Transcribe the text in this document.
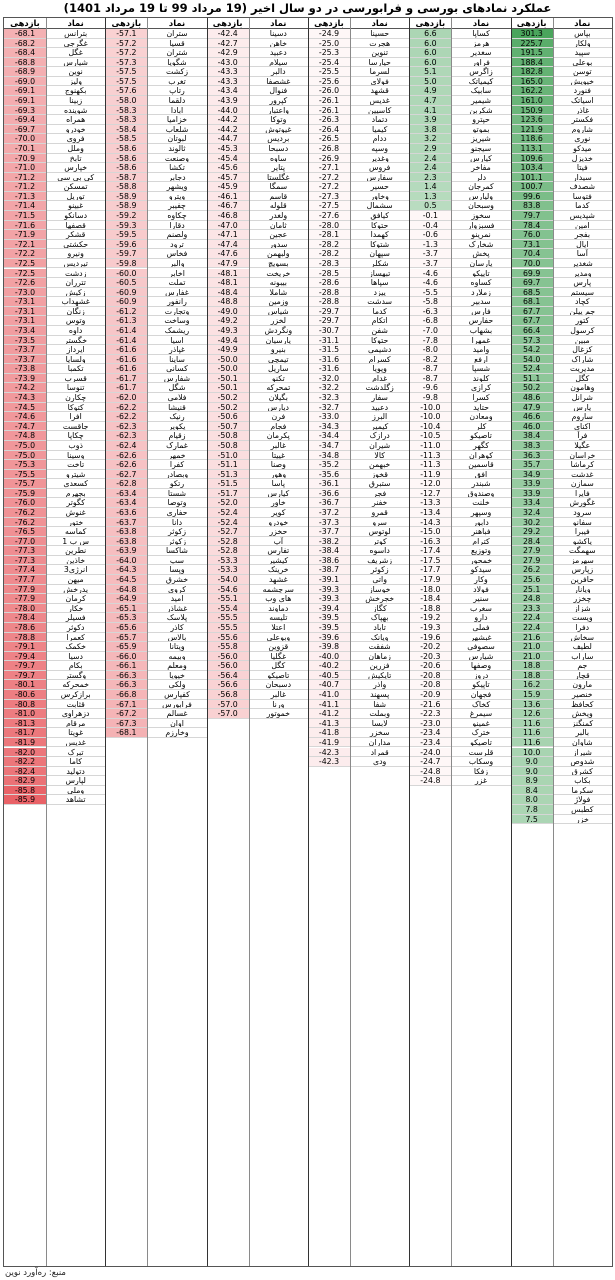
عملکرد نمادهای بورسی و فرابورسی در دو سال اخیر (19 مرداد 99 تا 19 مرداد 1401)
نماد
بپاس
ولکار
سپید
بوعلی
توسن
خپویش
فنورد
اسیاتک
غاذر
فکستر
شاروم
نوری
میدکو
خدیزل
فیتا
سیدار
شصدف
فتوسا
کدما
شپدیس
امین
بفجر
اپال
آسا
شغدیر
ومدیر
پارس
سیستم
کچاد
جم پیلن
کتور
کرسول
مبین
کزغال
شاراک
مدیریت
کگل
وهامون
شرانل
پارس
ساروم
اکنای
فرآ
عگیلا
خراسان
کرماشا
غدشت
سمازن
فایرا
غگورش
سرود
سفانو
فیبرا
پاکشو
سهمگت
سهرمز
زپارس
حافرین
وپانار
چخزر
شزاز
ویست
دفرا
سخاش
لطیف
ساراب
جم
قچار
مارون
خنصیر
کحافظ
ویخش
کمنگنز
بالبر
شاوان
شیراز
شدوص
کشرق
بکاب
سکرما
فولاژ
کطبس
خزر
بازدهی
301.3
225.7
191.5
188.4
182.8
165.0
162.2
161.0
150.9
123.6
121.9
118.6
113.1
109.6
103.4
101.1
100.7
99.6
83.8
79.7
78.4
76.0
73.1
70.4
70.0
69.9
69.7
68.5
68.1
67.7
67.7
66.4
57.3
54.2
54.0
52.4
51.1
50.2
48.6
47.9
46.6
46.0
38.4
38.3
36.3
35.7
34.9
33.9
33.9
33.4
32.4
30.2
29.2
28.4
27.9
27.9
26.2
25.6
25.1
24.8
23.3
22.4
22.4
21.6
21.0
21.0
18.8
18.8
16.2
15.9
13.6
12.6
11.6
11.6
11.6
10.0
9.0
9.0
8.9
8.4
8.0
7.8
7.5
نماد
کساپا
هرمز
سغدیر
فراور
زاگرس
کیمیاتک
سابیک
شیمیر
شکربن
حپترو
بموتو
شیریز
سیجنو
کپارس
مفاخر
دلر
کمرجان
ولپارس
وسبحان
سخوز
فسبزوار
نمرینو
شخارک
پخش
پارسان
تاپیکو
کساوه
زملارد
سدبیر
فارس
حفارس
بشهاب
غمهرا
وامید
ارفع
شسپا
کلوند
کرازی
کسرا
حتاید
ومعادن
کلر
تاصیکو
کگهر
کوهران
قاسمین
افق
شبندر
وصندوق
خلنت
وسپهر
دابور
فباهنر
کترام
وتوزیع
خمحور
سیدکو
وکار
فولاد
سنیر
سغرب
دارو
فملی
غبشهر
سصوفی
شپارس
وصفها
دروز
تاپیکو
فجهان
کخاک
سیمرغ
غمینو
خترک
تاصیکو
قلرست
وسکاب
زفکا
غزر
بازدهی
6.6
6.0
6.0
6.0
5.1
5.0
4.9
4.7
4.1
3.9
3.8
3.2
2.9
2.4
2.4
2.3
1.4
1.3
0.5
-0.1
-0.4
-0.6
-1.3
-3.7
-3.7
-4.6
-4.6
-5.5
-5.8
-6.3
-6.8
-7.0
-7.8
-8.0
-8.2
-8.7
-8.7
-9.6
-9.8
-10.0
-10.0
-10.4
-10.5
-11.0
-11.3
-11.3
-11.9
-12.0
-12.7
-13.3
-13.4
-14.3
-15.0
-16.3
-17.4
-17.5
-17.7
-17.9
-18.0
-18.4
-18.8
-19.2
-19.3
-19.6
-20.2
-20.3
-20.6
-20.8
-20.8
-20.9
-21.6
-22.3
-23.0
-23.4
-23.4
-24.0
-24.7
-24.8
-24.8
نماد
حسینا
هجرت
تنوین
حپارسا
لسرما
فولای
قشهد
غدیس
کاسپین
دتماد
کیمیا
ددام
وسپه
وغدیر
فروس
سفارس
حسیر
وخاور
سشمال
کیافق
حتوکا
کهمدا
شتوکا
سپهان
شکلر
تبهساز
سپاها
پیزد
سدشت
کدما
اتکام
شفن
حتوکا
دشیمی
کسرام
وپویا
غدام
زگلدشت
سفار
دعبید
البرز
کیمیر
درازک
شیران
کالا
خبهمن
قخوز
ستبرق
فجر
خفنر
قمرو
سرو
لوتوس
کوتر
داسوه
زشریف
زکوثر
واتی
خوساز
خجرخش
کگاز
بهپاک
تاباد
ویانک
شفقت
زماهان
فزرین
تاپکیش
واذر
پسهند
شفا
وبملت
لابسا
سخزر
مداران
قمراد
ودی
بازدهی
-24.9
-25.0
-25.3
-25.4
-25.5
-25.6
-26.0
-26.1
-26.1
-26.3
-26.4
-26.5
-26.8
-26.9
-27.1
-27.2
-27.2
-27.3
-27.5
-27.6
-28.0
-28.1
-28.2
-28.2
-28.3
-28.5
-28.6
-28.8
-28.8
-29.7
-29.7
-30.7
-31.1
-31.5
-31.6
-31.6
-32.0
-32.2
-32.3
-32.7
-33.0
-34.3
-34.4
-34.7
-34.8
-35.2
-35.6
-36.1
-36.6
-36.7
-37.2
-37.3
-37.7
-38.2
-38.4
-38.6
-38.7
-39.1
-39.3
-39.3
-39.4
-39.5
-39.5
-39.6
-39.8
-40.0
-40.2
-40.5
-40.7
-41.0
-41.1
-41.2
-41.3
-41.8
-41.9
-42.3
-42.3
نماد
دسینا
خاهن
دعبید
سیلام
دالبر
غشصفا
فنوال
کپرور
واعتبار
وتوکا
غیوتوش
بردیس
دسبحا
ساوه
پتایر
غگلستا
سمگا
قاسم
قلوله
ولغدر
ثامان
عجین
سدور
ولبهمن
بسویچ
خریخت
بیبونه
شاملا
وزمین
شپاس
لخزر
ونگردش
پارسیان
بنیرو
تیمچی
ساریل
تکنو
تمحرکه
بگیلان
دپارس
فرن
فجام
پکرمان
غالبر
غپیتا
وصنا
وهور
پاسا
کپارس
خاور
کویر
خودرو
حخزر
آپ
تفارس
کپشیر
خرینک
غشهد
سرچشمه
های وب
دماوند
تلیسه
اعتلا
وبوعلی
قزوین
غگلپا
کگل
تاصیکو
دسبحان
غالبر
ورنا
خموتور
بازدهی
-42.4
-42.7
-42.9
-43.0
-43.3
-43.3
-43.4
-43.9
-44.0
-44.2
-44.2
-44.7
-45.3
-45.4
-45.6
-45.7
-45.9
-46.1
-46.7
-46.8
-47.0
-47.1
-47.4
-47.6
-47.9
-48.1
-48.1
-48.4
-48.8
-49.0
-49.2
-49.3
-49.4
-49.9
-50.0
-50.0
-50.1
-50.1
-50.2
-50.2
-50.6
-50.7
-50.8
-50.8
-51.0
-51.1
-51.3
-51.5
-51.7
-52.0
-52.4
-52.4
-52.7
-52.8
-52.8
-53.3
-53.3
-54.0
-54.6
-55.1
-55.4
-55.5
-55.5
-55.6
-55.8
-56.0
-56.0
-56.4
-56.6
-56.8
-57.0
-57.0
نماد
ستران
قسیا
شتران
شگویا
زکشت
تغرب
رتاپ
دلقما
ابادا
خزامیا
شلعاب
لبوتان
ثالوند
وصنعت
تکشا
دجابر
ویشهر
ویترو
چفیبر
چکاوه
دقارا
ولصنم
ترود
فخاس
والبر
اخابر
تملت
غفارس
رانفور
وتجارت
وساخت
ریشمک
اسیا
غپاذر
ساینا
کسانی
شفارس
شگل
فلامی
قنیشا
رنیک
پکویر
زقیام
غمارک
خمهر
کفرا
وبصادر
رتکو
شستا
وتوصا
حفاری
دانا
زکوثر
زکوثر
شاکسا
سپ
وپسا
خشرق
کروی
امید
غشاذر
پلاسک
کاذر
بالاس
ویتانا
وبیمه
ومعلم
خپویا
ولکی
کفپارس
فرابورس
غسالم
اوان
وخارزم
بازدهی
-57.1
-57.2
-57.2
-57.3
-57.5
-57.5
-57.6
-58.0
-58.3
-58.3
-58.4
-58.5
-58.6
-58.6
-58.6
-58.7
-58.8
-58.9
-58.9
-59.2
-59.3
-59.5
-59.6
-59.7
-59.8
-60.0
-60.5
-60.9
-60.9
-61.2
-61.3
-61.4
-61.4
-61.6
-61.6
-61.6
-61.7
-61.7
-62.0
-62.2
-62.2
-62.3
-62.3
-62.4
-62.6
-62.6
-62.7
-62.8
-63.4
-63.4
-63.6
-63.7
-63.8
-63.8
-63.9
-64.0
-64.3
-64.5
-64.8
-64.9
-65.1
-65.3
-65.6
-65.7
-65.9
-66.0
-66.1
-66.3
-66.3
-66.8
-67.1
-67.2
-67.3
-68.1
نماد
بترانس
غگرجی
غگل
شپارس
نوین
ولیز
بکهنوج
زبینا
شوینده
همراه
خودرو
فروی
وملل
تابخ
خپارس
کی بی سی
تمسکن
توریل
غبینو
دسانکو
قصفها
قشکر
حکشتی
ونیرو
تپردیس
زدشت
تترران
زکیش
غشهداب
زنگان
وتوس
داوه
خگستر
ایرداز
ولساپا
تکمبا
قسرب
تنوسا
چکارن
کتوکا
افرا
جاقست
چکاپا
ذوب
وسینا
تاخت
شپترو
کسعدی
بجهرم
کگوتر
غنوش
ختور
کماسه
1 س ب
نطرین
خاذین
انرژی3
میهن
پدرخش
کرمان
خکار
فسیلر
دکوثر
کعمرا
خکمک
دسپا
بکام
وگستر
خمحرکه
برازکرس
قثابت
دزهراوی
مرقام
غویتا
غدیس
تبرک
کاما
دتولید
لپارس
وملی
تشاهد
بازدهی
-68.1
-68.2
-68.4
-68.8
-68.9
-69.0
-69.1
-69.1
-69.3
-69.4
-69.7
-70.0
-70.1
-70.9
-71.0
-71.2
-71.2
-71.3
-71.4
-71.5
-71.6
-71.9
-72.1
-72.2
-72.5
-72.5
-72.6
-73.0
-73.1
-73.1
-73.1
-73.4
-73.5
-73.7
-73.7
-73.8
-73.9
-74.2
-74.3
-74.5
-74.6
-74.7
-74.8
-75.0
-75.0
-75.3
-75.5
-75.7
-75.9
-76.0
-76.2
-76.2
-76.5
-77.0
-77.3
-77.3
-77.4
-77.7
-77.9
-77.9
-78.0
-78.4
-78.6
-78.8
-79.1
-79.4
-79.7
-79.7
-80.1
-80.6
-80.8
-81.0
-81.3
-81.7
-81.9
-82.0
-82.2
-82.4
-82.9
-85.8
-85.9
منبع: ره‌آورد نوین
